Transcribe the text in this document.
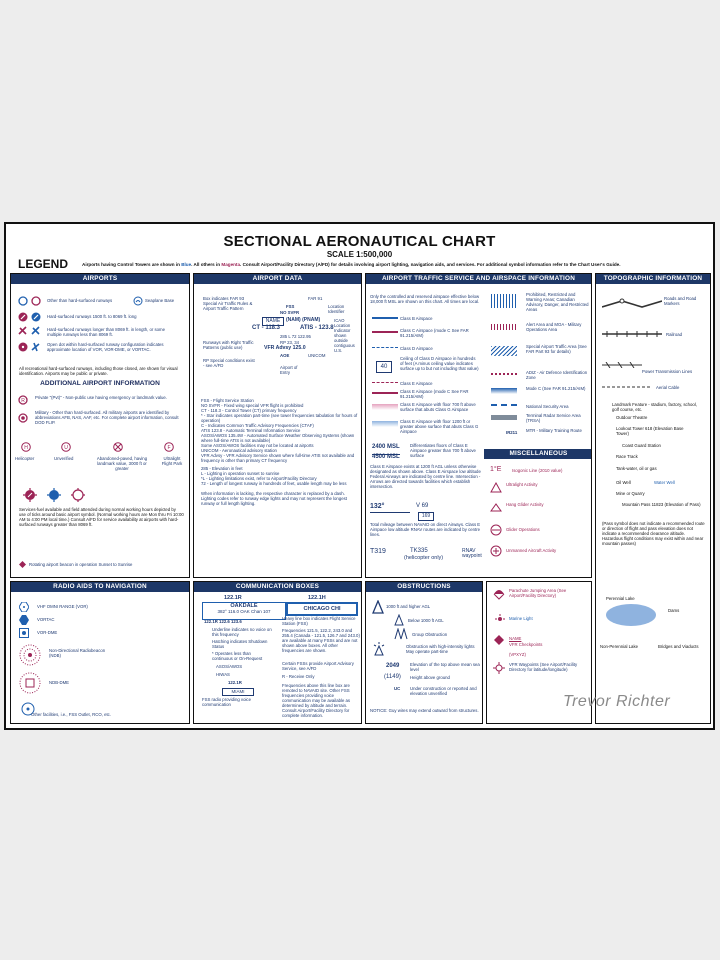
SECTIONAL AERONAUTICAL CHART
SCALE 1:500,000
LEGEND	Airports having Control Towers are shown in Blue. All others in Magenta. Consult Airport/Facility Directory (A/FD) for details involving airport lighting, navigation aids, and services. For additional symbol information refer to the Chart User's Guide.
AIRPORTS
Other than hard-surfaced runways	Seaplane Base
Hard-surfaced runways 1500 ft. to 8069 ft. long
Hard-surfaced runways longer than 8069 ft. in length, or some multiple runways less than 8069 ft.
Open dot within hard-surfaced runway configuration indicates approximate location of VOR, VOR-DME, or VORTAC.
All recreational hard-surfaced runways, including those closed, are shown for visual identification. Airports may be public or private.
ADDITIONAL AIRPORT INFORMATION
R
Private "(Pvt)" - Non-public use having emergency or landmark value.
Military - Other than hard-surfaced. All military airports are identified by abbreviations AFB, NAS, AAF, etc. For complete airport information, consult DOD FLIP.
H	U	F
Helicopter	Unverified	Abandoned-paved, having landmark value, 3000 ft or greater
Ultralight Flight Park
Services-fuel available and field attended during normal working hours depicted by use of ticks around basic airport symbol. (Normal working hours are Mon thru Fri 10:00 AM to 4:00 PM local time.) Consult A/FD for service availability at airports with hard-surfaced runways greater than 8069 ft.
Rotating airport beacon in operation Sunset to Sunrise
AIRPORT DATA
Box indicates FAR 93 Special Air Traffic Rules & Airport Traffic Pattern
FAR 91
Location Identifier
FSS
NO SVFR
NAME	(NAM) (PNAM)
CT - 118.3	ATIS - 123.8
285 L 72 122.95
RP 23, 34
VFR Advsy 125.0
AOE
ICAO Location Indicator shown outside contiguous U.S.
Runways with Right Traffic Patterns (public use)
RP Special conditions exist - see A/FD	Airport of Entry
UNICOM
FSS - Flight Service Station
NO SVFR - Fixed wing special VFR flight is prohibited
CT - 118.3 - Control Tower (CT) primary frequency
* - Star indicates operation part-time (see tower frequencies tabulation for hours of operation)
C - Indicates Common Traffic Advisory Frequencies (CTAF)
ATIS 123.8 - Automatic Terminal Information Service
ASOS/AWOS 135.4W - Automated Surface Weather Observing Systems (shown where full-time ATIS is not available)
Some ASOS/AWOS facilities may not be located at airports
UNICOM - Aeronautical advisory station
VFR Advsy - VFR Advisory Service shown where full-time ATIS not available and frequency is other than primary CT frequency
285 - Elevation in feet
L - Lighting in operation sunset to sunrise
*L - Lighting limitations exist, refer to Airport/Facility Directory
72 - Length of longest runway in hundreds of feet, usable length may be less
When information is lacking, the respective character is replaced by a dash. Lighting codes refer to runway edge lights and may not represent the longest runway or full length lighting.
AIRPORT TRAFFIC SERVICE AND AIRSPACE INFORMATION
Only the controlled and reserved airspace effective below 18,000 ft MSL are shown on this chart. All times are local.
Class B Airspace
Class C Airspace (mode C See FAR 91.215/AIM)
Class D Airspace
40
Ceiling of Class D Airspace in hundreds of feet (A minus ceiling value indicates surface up to but not including that value)
Class E Airspace
Class E Airspace (mode C See FAR 91.215/AIM)
Class E Airspace with floor 700 ft above surface that abuts Class G Airspace
Class E Airspace with floor 1200 ft or greater above surface that abuts Class G Airspace
2400 MSL
4500 MSL
Differentiates floors of Class E Airspace greater than 700 ft above surface
Class E Airspace exists at 1200 ft AGL unless otherwise designated as shown above. Class E Airspace low altitude Federal Airways are indicated by centre line. Intersection - Arrows are directed towards facilities which establish intersection.
132°	V 69
169
Total mileage between NAVAID on direct Airways. Class E Airspace low altitude RNAV routes are indicated by centre lines.
T319	TK335
(helicopter only)
RNAV waypoint
Prohibited, Restricted and Warning Areas; Canadian Advisory, Danger, and Restricted Areas
Alert Area and MOA - Military Operations Area
Special Airport Traffic Area (See FAR Part 93 for details)
ADIZ - Air Defence Identification Zone
Mode C (See FAR 91.215/AIM)
National Security Area
Terminal Radar Service Area (TRSA)
IR211 MTR - Military Training Route
MISCELLANEOUS
1°E Isogonic Line (2010 value)
Ultralight Activity
Hang Glider Activity
Glider Operations
Unmanned Aircraft Activity
TOPOGRAPHIC INFORMATION
Roads and Road Markers
Railroad
Power Transmission Lines
Aerial Cable
Landmark Feature - stadium, factory, school, golf course, etc.
Outdoor Theatre
Lookout Tower 618 (Elevation Base Tower)
Coast Guard Station
Race Track
Tank-water, oil or gas
Oil Well	Water Well
Mine or Quarry
Mountain Pass 11823 (Elevation of Pass)
(Pass symbol does not indicate a recommended route or direction of flight and pass elevation does not indicate a recommended clearance altitude. Hazardous flight conditions may exist within and near mountain passes)
Perennial Lake
Dams
Non-Perennial Lake	Bridges and Viaducts
RADIO AIDS TO NAVIGATION
VHF OMNI RANGE (VOR)
VORTAC
VOR-DME
Non-Directional Radiobeacon (NDB)
NDB-DME
Other facilities, i.e., FSS Outlet, RCO, etc.
COMMUNICATION BOXES
122.1R
OAKDALE
382° 116.0 OAK Chan 107
122.1R 122.6 123.6
Underline indicates no voice on this frequency
Hatching indicates Shutdown Status
* Operates less than continuous or On-Request
ASOS/AWOS
HIWAS
122.1R
MIAMI
FSS radio providing voice communication
122.1H
CHICAGO CHI
Heavy line box indicates Flight Service Station (FSS)
Frequencies 121.5, 122.2, 243.0 and 255.4 (Canada - 121.5, 126.7 and 243.0) are available at many FSSs and are not shown above boxes. All other frequencies are shown.
Certain FSSs provide Airport Advisory Service, see A/FD
R - Receive Only
Frequencies above this line box are remoted to NAVAID site. Other FSS frequencies providing voice communication may be available as determined by altitude and terrain. Consult Airport/Facility Directory for complete information.
OBSTRUCTIONS
1000 ft and higher AGL
Below 1000 ft AGL
Group Obstruction
Obstruction with high-intensity lights May operate part-time
2049 Elevation of the top above mean sea level
(1149) Height above ground
UC Under construction or reported and elevation unverified
NOTICE: Guy wires may extend outward from structures.
Parachute Jumping Area (See Airport/Facility Directory)
Marine Light
NAME
VFR Checkpoints
(VPXYZ)
VFR Waypoints (See Airport/Facility Directory for latitude/longitude)
Trevor Richter
